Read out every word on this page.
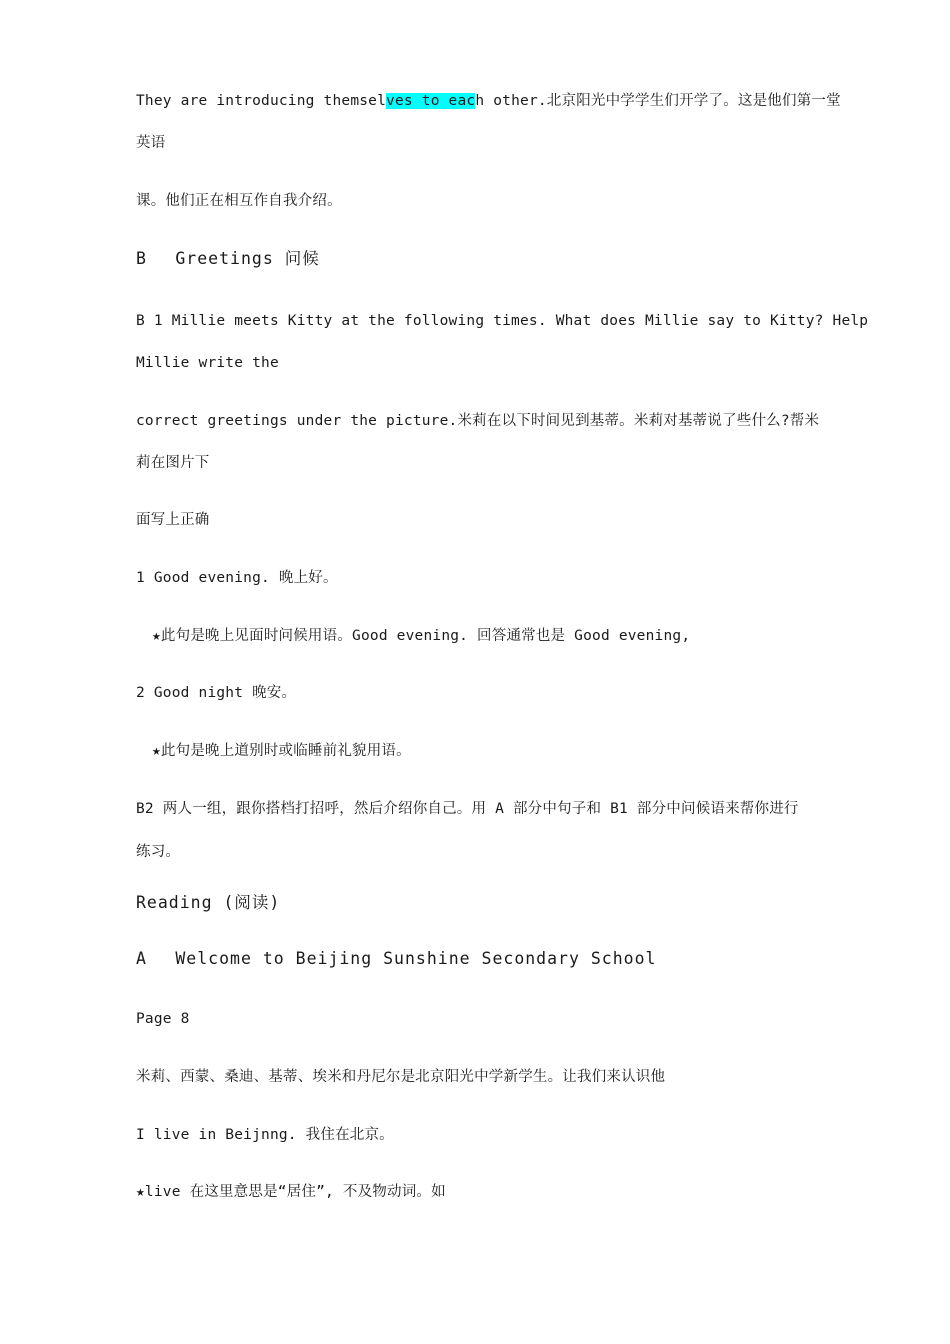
They are introducing themselves to each other.北京阳光中学学生们开学了。这是他们第一堂
英语
课。他们正在相互作自我介绍。
B　 Greetings 问候
B 1 Millie meets Kitty at the following times. What does Millie say to Kitty? Help
Millie write the
correct greetings under the picture.米莉在以下时间见到基蒂。米莉对基蒂说了些什么?帮米
莉在图片下
面写上正确
1 Good evening. 晚上好。
★此句是晚上见面时问候用语。Good evening. 回答通常也是 Good evening,
2 Good night 晚安。
★此句是晚上道别时或临睡前礼貌用语。
B2 两人一组，跟你搭档打招呼，然后介绍你自己。用 A 部分中句子和 B1 部分中问候语来帮你进行
练习。
Reading (阅读)
A　 Welcome to Beijing Sunshine Secondary School
Page 8
米莉、西蒙、桑迪、基蒂、埃米和丹尼尔是北京阳光中学新学生。让我们来认识他
I live in Beijnng. 我住在北京。
★live 在这里意思是“居住”, 不及物动词。如
